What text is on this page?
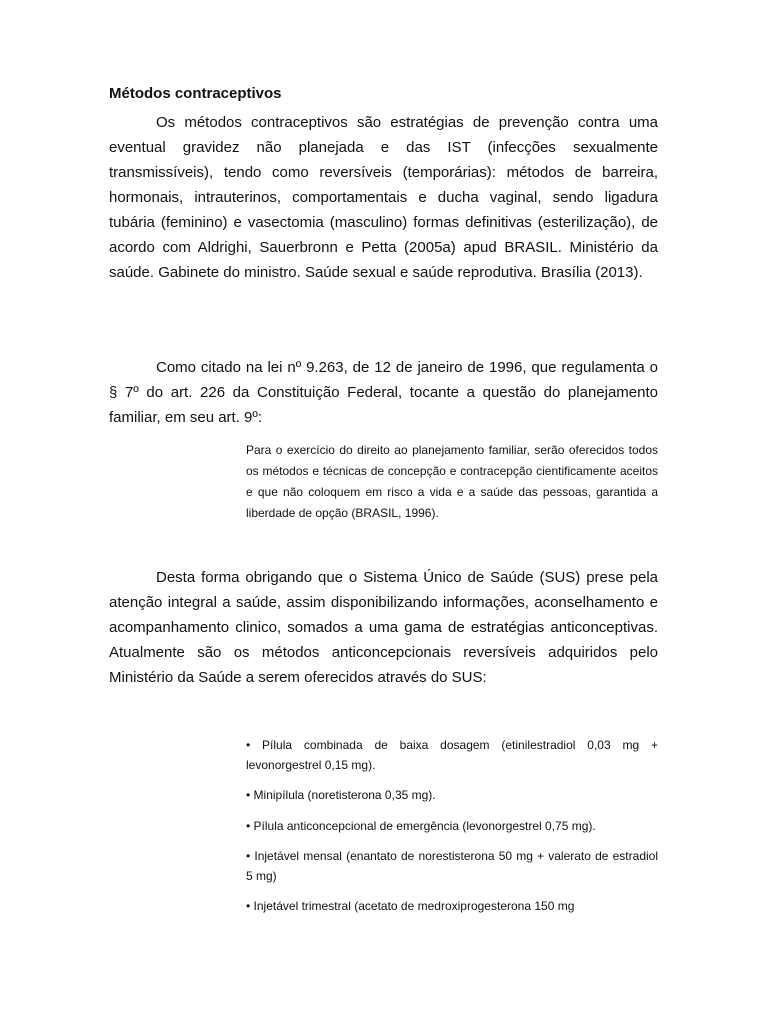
Métodos contraceptivos

Os métodos contraceptivos são estratégias de prevenção contra uma eventual gravidez não planejada e das IST (infecções sexualmente transmissíveis), tendo como reversíveis (temporárias): métodos de barreira, hormonais, intrauterinos, comportamentais e ducha vaginal, sendo ligadura tubária (feminino) e vasectomia (masculino) formas definitivas (esterilização), de acordo com Aldrighi, Sauerbronn e Petta (2005a) apud BRASIL. Ministério da saúde. Gabinete do ministro. Saúde sexual e saúde reprodutiva. Brasília (2013).

Como citado na lei nº 9.263, de 12 de janeiro de 1996, que regulamenta o § 7º do art. 226 da Constituição Federal, tocante a questão do planejamento familiar, em seu art. 9º:

Para o exercício do direito ao planejamento familiar, serão oferecidos todos os métodos e técnicas de concepção e contracepção cientificamente aceitos e que não coloquem em risco a vida e a saúde das pessoas, garantida a liberdade de opção (BRASIL, 1996).

Desta forma obrigando que o Sistema Único de Saúde (SUS) prese pela atenção integral a saúde, assim disponibilizando informações, aconselhamento e acompanhamento clinico, somados a uma gama de estratégias anticonceptivas. Atualmente são os métodos anticoncepcionais reversíveis adquiridos pelo Ministério da Saúde a serem oferecidos através do SUS:

• Pílula combinada de baixa dosagem (etinilestradiol 0,03 mg + levonorgestrel 0,15 mg).
• Minipílula (noretisterona 0,35 mg).
• Pílula anticoncepcional de emergência (levonorgestrel 0,75 mg).
• Injetável mensal (enantato de norestisterona 50 mg + valerato de estradiol 5 mg)
• Injetável trimestral (acetato de medroxiprogesterona 150 mg
